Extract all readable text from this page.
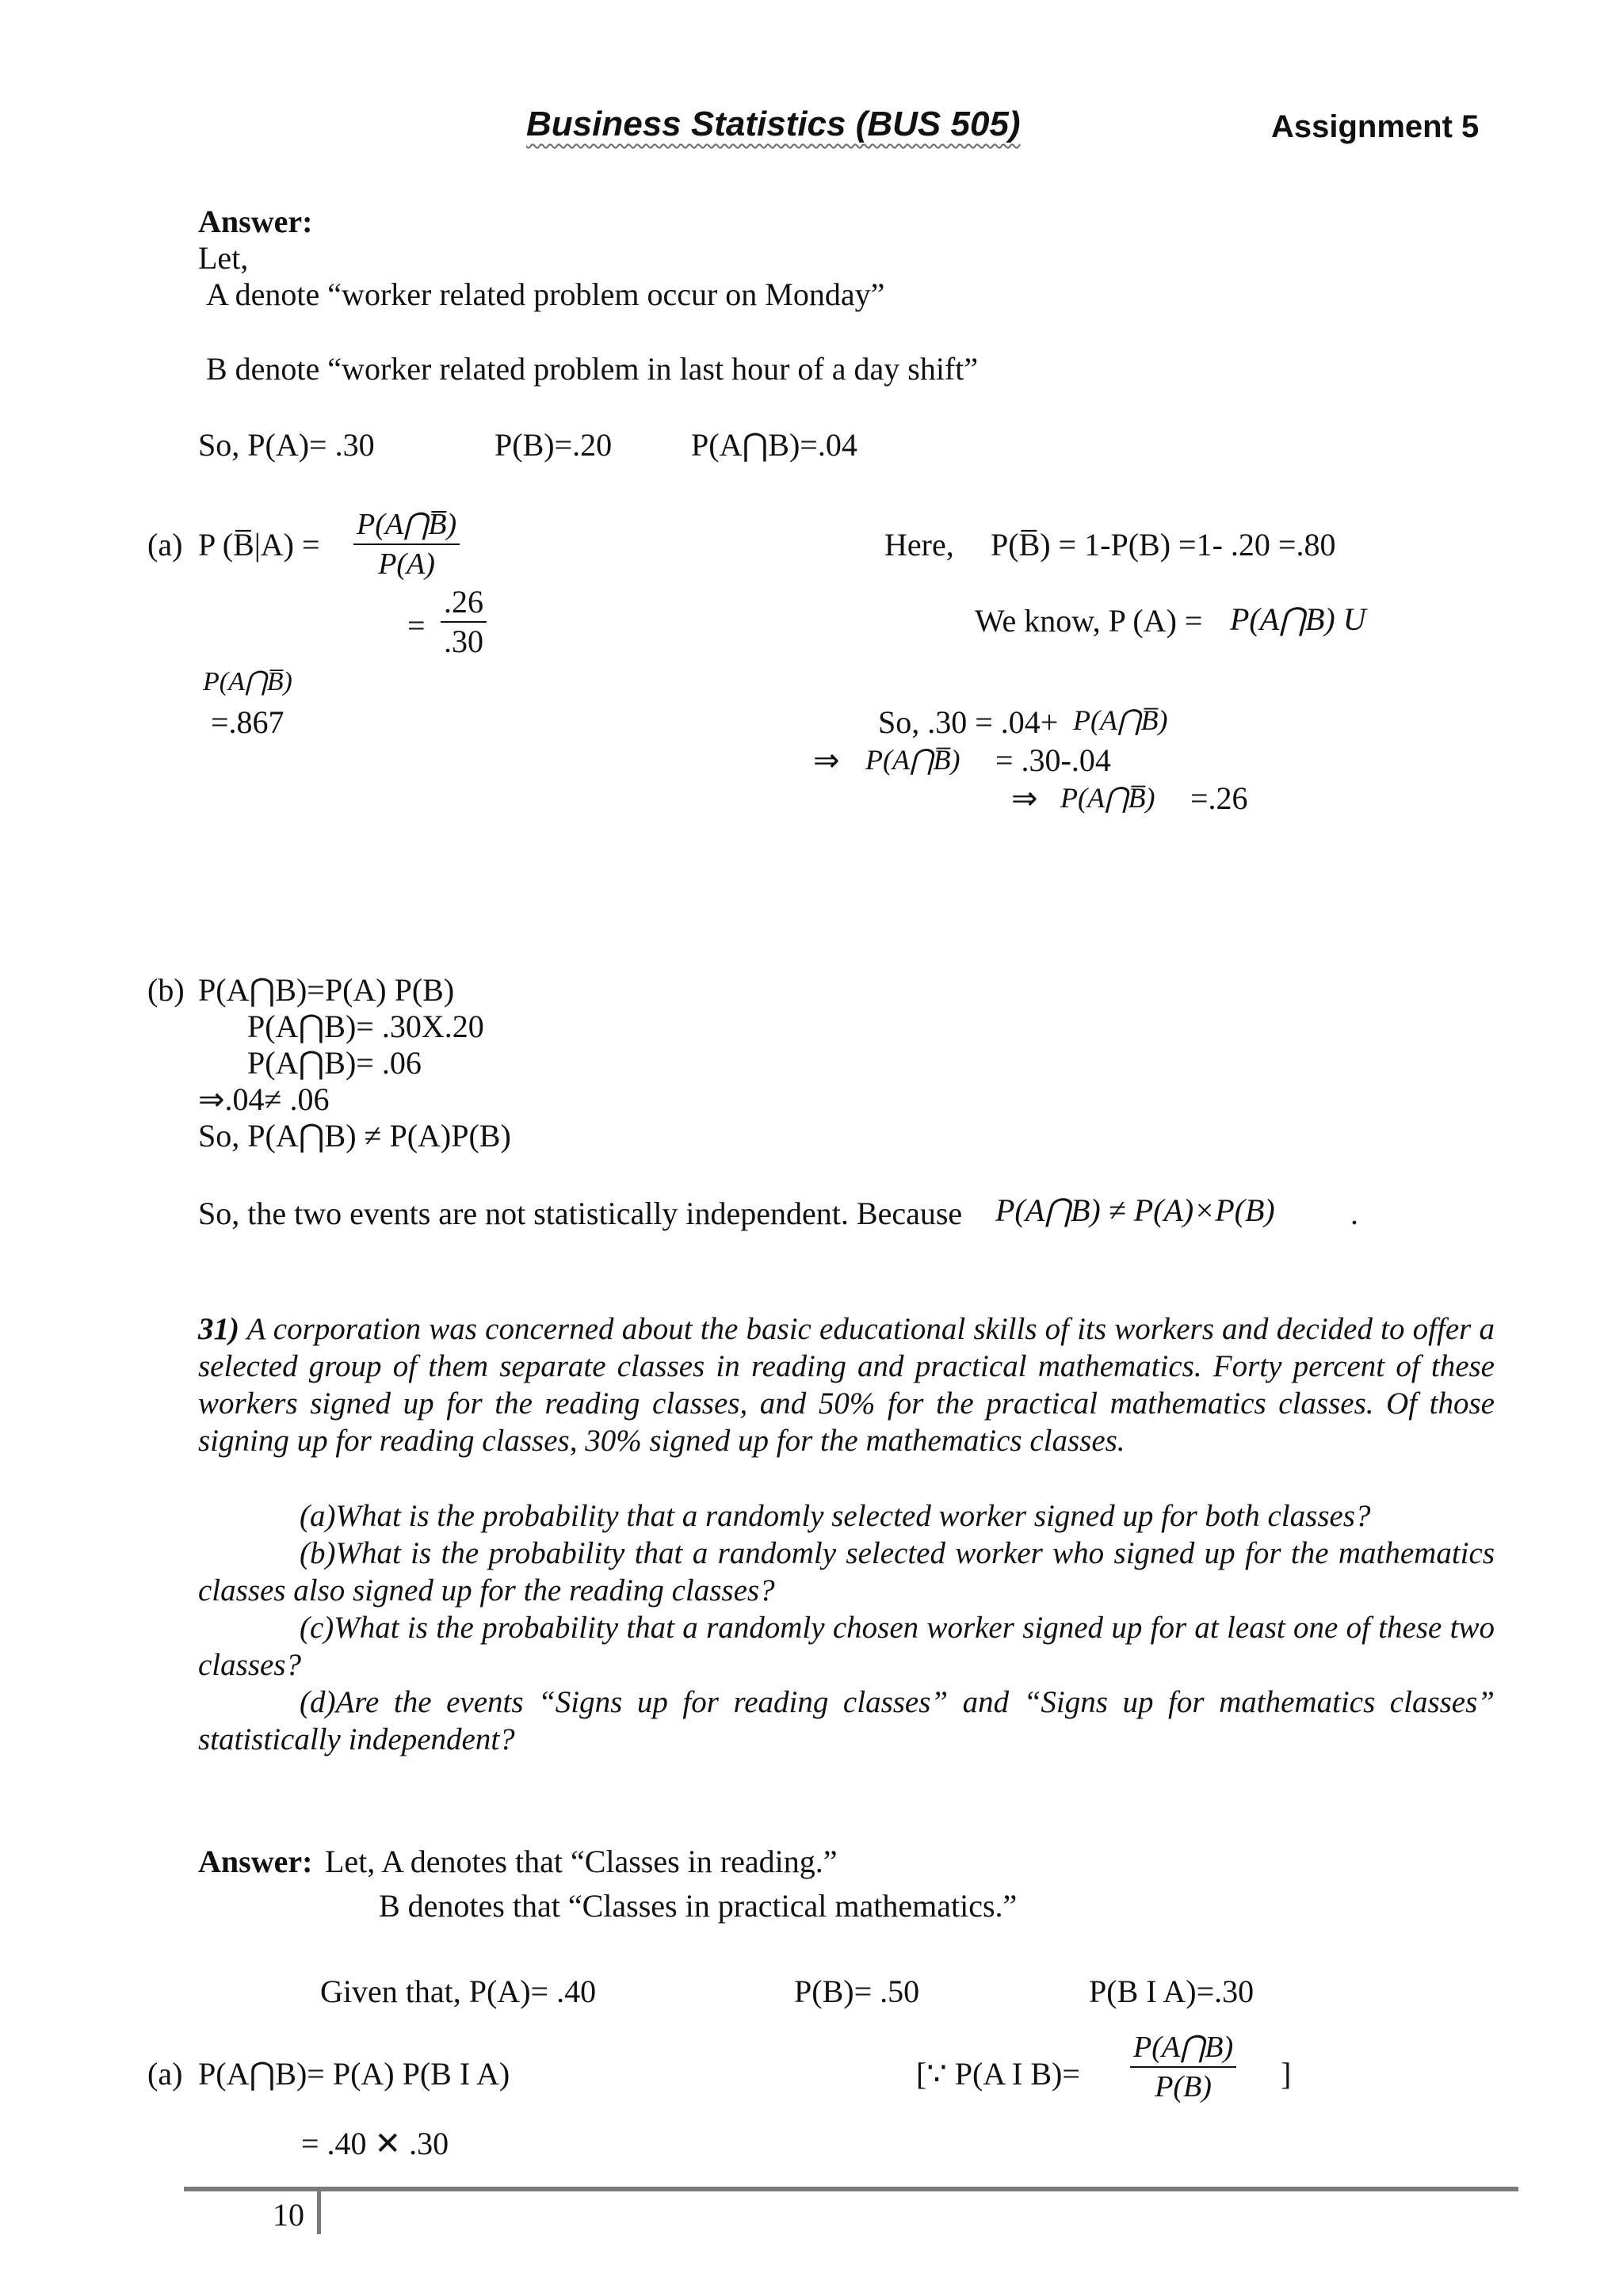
Business Statistics (BUS 505)	Assignment 5
Answer:
Let,
A denote “worker related problem occur on Monday”
B denote “worker related problem in last hour of a day shift”
So, P(A)= .30	P(B)=.20 P(A⋂B)=.04
(a) P (B̅|A) = $\frac{P(A⋂B̅)}{P(A)}$
= $\frac{.26}{.30}$
P(A⋂B̅)
=.867
Here, P(B̅) = 1-P(B) =1- .20 =.80
We know, P (A) = P(A⋂B) U
So, .30 = .04+ P(A⋂B̅)
⇒ P(A⋂B̅) = .30-.04
⇒ P(A⋂B̅) =.26
(b) P(A⋂B)=P(A) P(B)
P(A⋂B)= .30X.20
P(A⋂B)= .06
⇒.04≠ .06
So, P(A⋂B) ≠ P(A)P(B)
So, the two events are not statistically independent. Because P(A⋂B) ≠ P(A)×P(B) .
31) A corporation was concerned about the basic educational skills of its workers and decided to offer a selected group of them separate classes in reading and practical mathematics. Forty percent of these workers signed up for the reading classes, and 50% for the practical mathematics classes. Of those signing up for reading classes, 30% signed up for the mathematics classes.
(a)What is the probability that a randomly selected worker signed up for both classes?
(b)What is the probability that a randomly selected worker who signed up for the mathematics classes also signed up for the reading classes?
(c)What is the probability that a randomly chosen worker signed up for at least one of these two classes?
(d)Are the events “Signs up for reading classes” and “Signs up for mathematics classes” statistically independent?
Answer: Let, A denotes that “Classes in reading.”
B denotes that “Classes in practical mathematics.”
Given that, P(A)= .40	P(B)= .50	P(B I A)=.30
(a) P(A⋂B)= P(A) P(B I A)	[∵ P(A I $B)= \frac{P(A⋂B)}{P(B)}$ ]
= .40 ✕ .30
10
